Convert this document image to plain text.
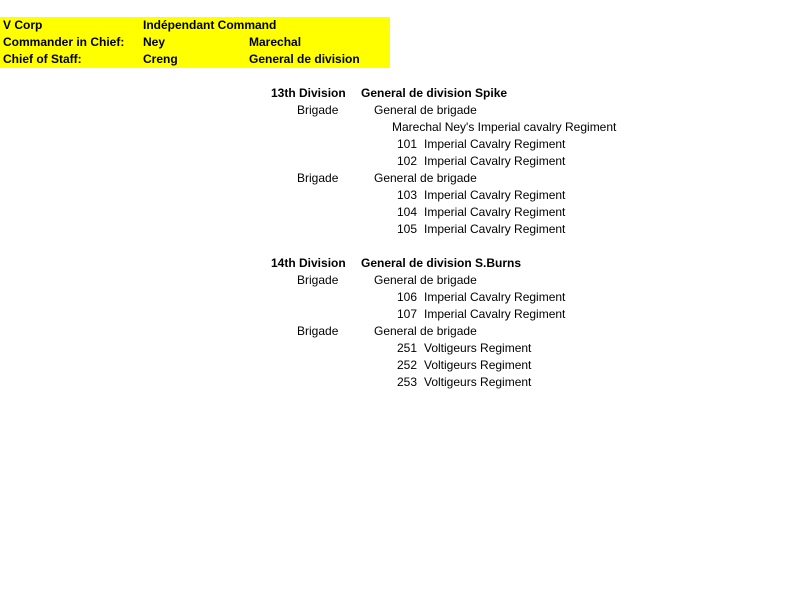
V Corp	Indépendant Command
Commander in Chief: Ney	Marechal
Chief of Staff:	Creng	General de division
13th Division General de division Spike
Brigade	General de brigade
Marechal Ney's Imperial cavalry Regiment
101 Imperial Cavalry Regiment
102 Imperial Cavalry Regiment
Brigade	General de brigade
103 Imperial Cavalry Regiment
104 Imperial Cavalry Regiment
105 Imperial Cavalry Regiment
14th Division General de division S.Burns
Brigade	General de brigade
106 Imperial Cavalry Regiment
107 Imperial Cavalry Regiment
Brigade	General de brigade
251 Voltigeurs Regiment
252 Voltigeurs Regiment
253 Voltigeurs Regiment
